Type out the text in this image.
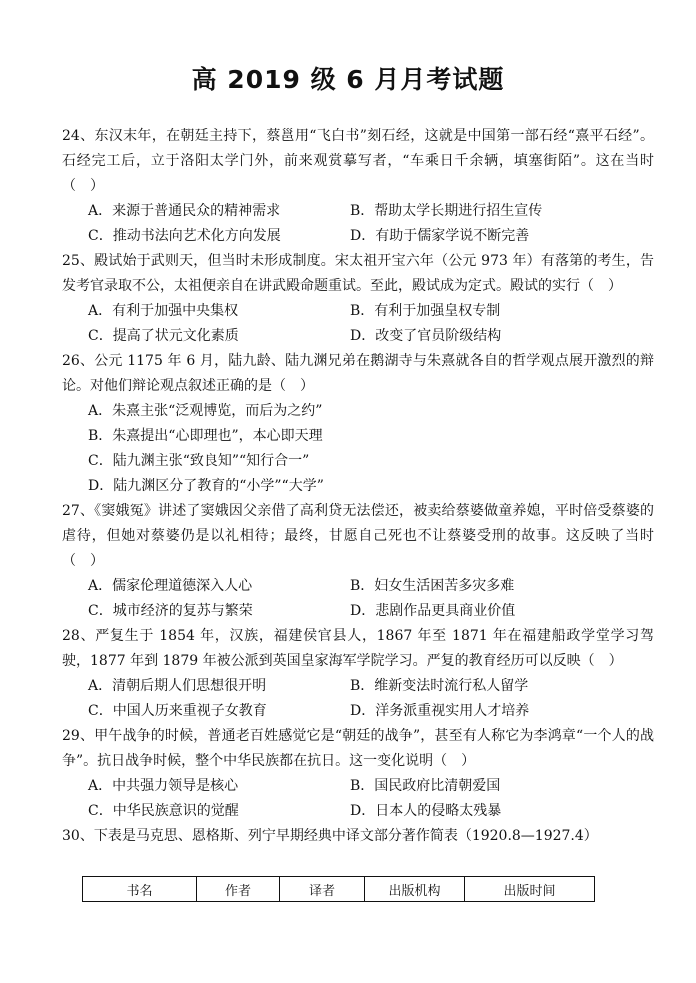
高 2019 级 6 月月考试题

24、东汉末年，在朝廷主持下，蔡邕用“飞白书”刻石经，这就是中国第一部石经“熹平石经”。石经完工后，立于洛阳太学门外，前来观赏摹写者，“车乘日千余辆，填塞街陌”。这在当时（　）

A．来源于普通民众的精神需求	B．帮助太学长期进行招生宣传
C．推动书法向艺术化方向发展	D．有助于儒家学说不断完善

25、殿试始于武则天，但当时未形成制度。宋太祖开宝六年（公元 973 年）有落第的考生，告发考官录取不公，太祖便亲自在讲武殿命题重试。至此，殿试成为定式。殿试的实行（　）

A．有利于加强中央集权	B．有利于加强皇权专制
C．提高了状元文化素质	D．改变了官员阶级结构

26、公元 1175 年 6 月，陆九龄、陆九渊兄弟在鹅湖寺与朱熹就各自的哲学观点展开激烈的辩论。对他们辩论观点叙述正确的是（　）

A．朱熹主张“泛观博览，而后为之约”
B．朱熹提出“心即理也”，本心即天理
C．陆九渊主张“致良知”“知行合一”
D．陆九渊区分了教育的“小学”“大学”

27、《窦娥冤》讲述了窦娥因父亲借了高利贷无法偿还，被卖给蔡婆做童养媳，平时倍受蔡婆的虐待，但她对蔡婆仍是以礼相待；最终，甘愿自己死也不让蔡婆受刑的故事。这反映了当时（　）

A．儒家伦理道德深入人心	B．妇女生活困苦多灾多难
C．城市经济的复苏与繁荣	D．悲剧作品更具商业价值

28、严复生于 1854 年，汉族，福建侯官县人，1867 年至 1871 年在福建船政学堂学习驾驶，1877 年到 1879 年被公派到英国皇家海军学院学习。严复的教育经历可以反映（　）

A．清朝后期人们思想很开明	B．维新变法时流行私人留学
C．中国人历来重视子女教育	D．洋务派重视实用人才培养

29、甲午战争的时候，普通老百姓感觉它是“朝廷的战争”，甚至有人称它为李鸿章“一个人的战争”。抗日战争时候，整个中华民族都在抗日。这一变化说明（　）

A．中共强力领导是核心	B．国民政府比清朝爱国
C．中华民族意识的觉醒	D．日本人的侵略太残暴

30、下表是马克思、恩格斯、列宁早期经典中译文部分著作简表（1920.8—1927.4）

书名	作者	译者	出版机构	出版时间
